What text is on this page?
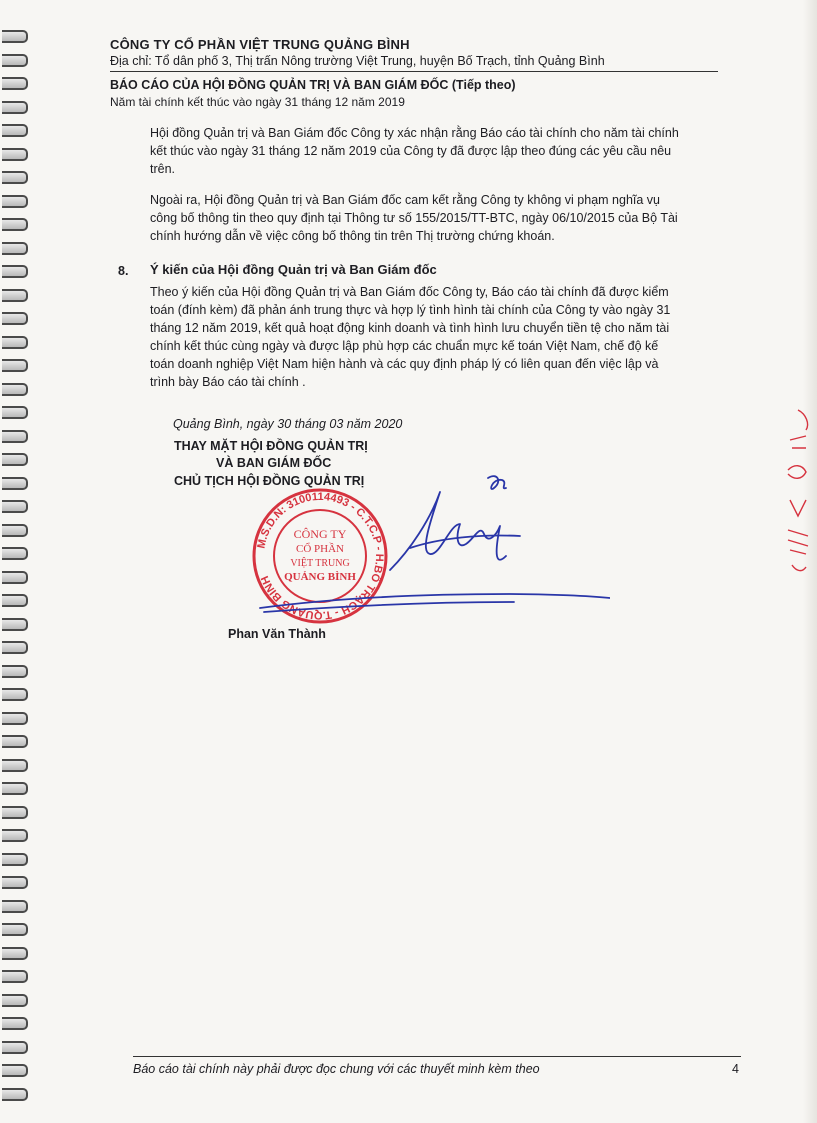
CÔNG TY CỔ PHẦN VIỆT TRUNG QUẢNG BÌNH
Địa chỉ: Tổ dân phố 3, Thị trấn Nông trường Việt Trung, huyện Bố Trạch, tỉnh Quảng Bình
BÁO CÁO CỦA HỘI ĐỒNG QUẢN TRỊ VÀ BAN GIÁM ĐỐC (Tiếp theo)
Năm tài chính kết thúc vào ngày 31 tháng 12 năm 2019
Hội đồng Quản trị và Ban Giám đốc Công ty xác nhận rằng Báo cáo tài chính cho năm tài chính
kết thúc vào ngày 31 tháng 12 năm 2019 của Công ty đã được lập theo đúng các yêu cầu nêu
trên.
Ngoài ra, Hội đồng Quản trị và Ban Giám đốc cam kết rằng Công ty không vi phạm nghĩa vụ
công bố thông tin theo quy định tại Thông tư số 155/2015/TT-BTC, ngày 06/10/2015 của Bộ Tài
chính hướng dẫn về việc công bố thông tin trên Thị trường chứng khoán.
8. Ý kiến của Hội đồng Quản trị và Ban Giám đốc
Theo ý kiến của Hội đồng Quản trị và Ban Giám đốc Công ty, Báo cáo tài chính đã được kiểm
toán (đính kèm) đã phản ánh trung thực và hợp lý tình hình tài chính của Công ty vào ngày 31
tháng 12 năm 2019, kết quả hoạt động kinh doanh và tình hình lưu chuyển tiền tệ cho năm tài
chính kết thúc cùng ngày và được lập phù hợp các chuẩn mực kế toán Việt Nam, chế độ kế
toán doanh nghiệp Việt Nam hiện hành và các quy định pháp lý có liên quan đến việc lập và
trình bày Báo cáo tài chính .
Quảng Bình, ngày 30 tháng 03 năm 2020
THAY MẶT HỘI ĐỒNG QUẢN TRỊ
VÀ BAN GIÁM ĐỐC
CHỦ TỊCH HỘI ĐỒNG QUẢN TRỊ
M.S.D.N: 3100114493 - C.T.C.P - H.BỐ TRẠCH - T.QUẢNG BÌNH
CÔNG TY
CỔ PHẦN
VIỆT TRUNG
QUẢNG BÌNH
Phan Văn Thành
Báo cáo tài chính này phải được đọc chung với các thuyết minh kèm theo	4
